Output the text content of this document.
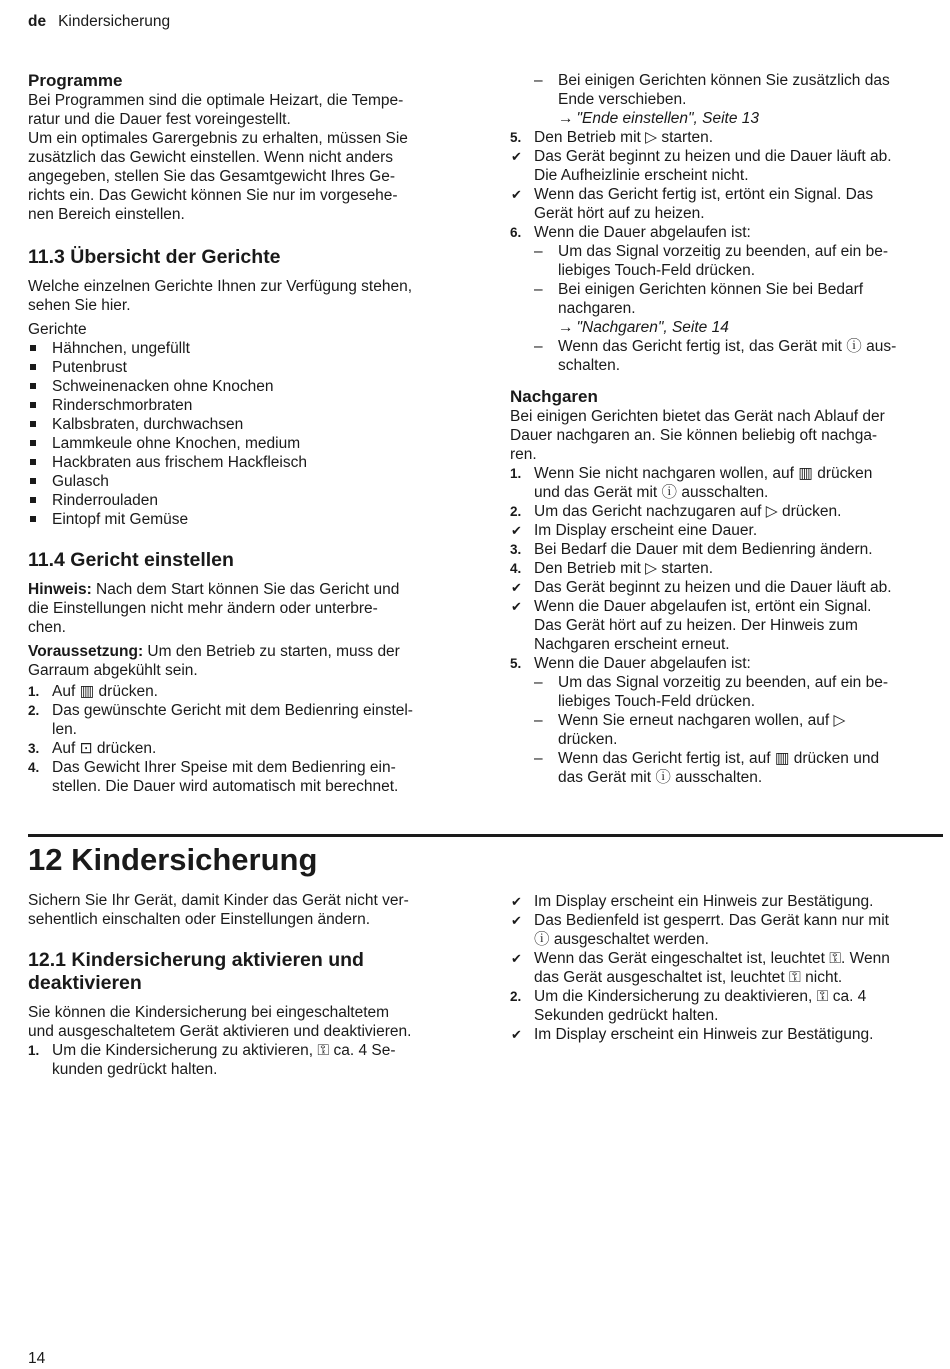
de Kindersicherung
Programme

Bei Programmen sind die optimale Heizart, die Tempe-

ratur und die Dauer fest voreingestellt.

Um ein optimales Garergebnis zu erhalten, müssen Sie

zusätzlich das Gewicht einstellen. Wenn nicht anders

angegeben, stellen Sie das Gesamtgewicht Ihres Ge-

richts ein. Das Gewicht können Sie nur im vorgesehe-

nen Bereich einstellen.

11.3 Übersicht der Gerichte

Welche einzelnen Gerichte Ihnen zur Verfügung stehen,

sehen Sie hier.

Gerichte

Hähnchen, ungefüllt
Putenbrust
Schweinenacken ohne Knochen
Rinderschmorbraten
Kalbsbraten, durchwachsen
Lammkeule ohne Knochen, medium
Hackbraten aus frischem Hackfleisch
Gulasch
Rinderrouladen
Eintopf mit Gemüse
11.4 Gericht einstellen

Hinweis: Nach dem Start können Sie das Gericht und

die Einstellungen nicht mehr ändern oder unterbre-

chen.

Voraussetzung: Um den Betrieb zu starten, muss der

Garraum abgekühlt sein.

1. Auf ▥ drücken.
2. Das gewünschte Gericht mit dem Bedienring einstel-
len.
3. Auf ⊡ drücken.
4. Das Gewicht Ihrer Speise mit dem Bedienring ein-
stellen. Die Dauer wird automatisch mit berechnet.
– Bei einigen Gerichten können Sie zusätzlich das
Ende verschieben.
→ "Ende einstellen", Seite 13
5. Den Betrieb mit ▷ starten.
✔ Das Gerät beginnt zu heizen und die Dauer läuft ab.
Die Aufheizlinie erscheint nicht.
✔ Wenn das Gericht fertig ist, ertönt ein Signal. Das
Gerät hört auf zu heizen.
6. Wenn die Dauer abgelaufen ist:
– Um das Signal vorzeitig zu beenden, auf ein be-
liebiges Touch-Feld drücken.
– Bei einigen Gerichten können Sie bei Bedarf
nachgaren.
→ "Nachgaren", Seite 14
– Wenn das Gericht fertig ist, das Gerät mit ⓘ aus-
schalten.
Nachgaren

Bei einigen Gerichten bietet das Gerät nach Ablauf der

Dauer nachgaren an. Sie können beliebig oft nachga-

ren.

1. Wenn Sie nicht nachgaren wollen, auf ▥ drücken
und das Gerät mit ⓘ ausschalten.
2. Um das Gericht nachzugaren auf ▷ drücken.
✔ Im Display erscheint eine Dauer.
3. Bei Bedarf die Dauer mit dem Bedienring ändern.
4. Den Betrieb mit ▷ starten.
✔ Das Gerät beginnt zu heizen und die Dauer läuft ab.
✔ Wenn die Dauer abgelaufen ist, ertönt ein Signal.
Das Gerät hört auf zu heizen. Der Hinweis zum
Nachgaren erscheint erneut.
5. Wenn die Dauer abgelaufen ist:
– Um das Signal vorzeitig zu beenden, auf ein be-
liebiges Touch-Feld drücken.
– Wenn Sie erneut nachgaren wollen, auf ▷
drücken.
– Wenn das Gericht fertig ist, auf ▥ drücken und
das Gerät mit ⓘ ausschalten.
12 Kindersicherung

Sichern Sie Ihr Gerät, damit Kinder das Gerät nicht ver-

sehentlich einschalten oder Einstellungen ändern.

12.1 Kindersicherung aktivieren und
deaktivieren

Sie können die Kindersicherung bei eingeschaltetem

und ausgeschaltetem Gerät aktivieren und deaktivieren.

1. Um die Kindersicherung zu aktivieren, ⚿ ca. 4 Se-
kunden gedrückt halten.
✔ Im Display erscheint ein Hinweis zur Bestätigung.
✔ Das Bedienfeld ist gesperrt. Das Gerät kann nur mit
ⓘ ausgeschaltet werden.
✔ Wenn das Gerät eingeschaltet ist, leuchtet ⚿. Wenn
das Gerät ausgeschaltet ist, leuchtet ⚿ nicht.
2. Um die Kindersicherung zu deaktivieren, ⚿ ca. 4
Sekunden gedrückt halten.
✔ Im Display erscheint ein Hinweis zur Bestätigung.
14
